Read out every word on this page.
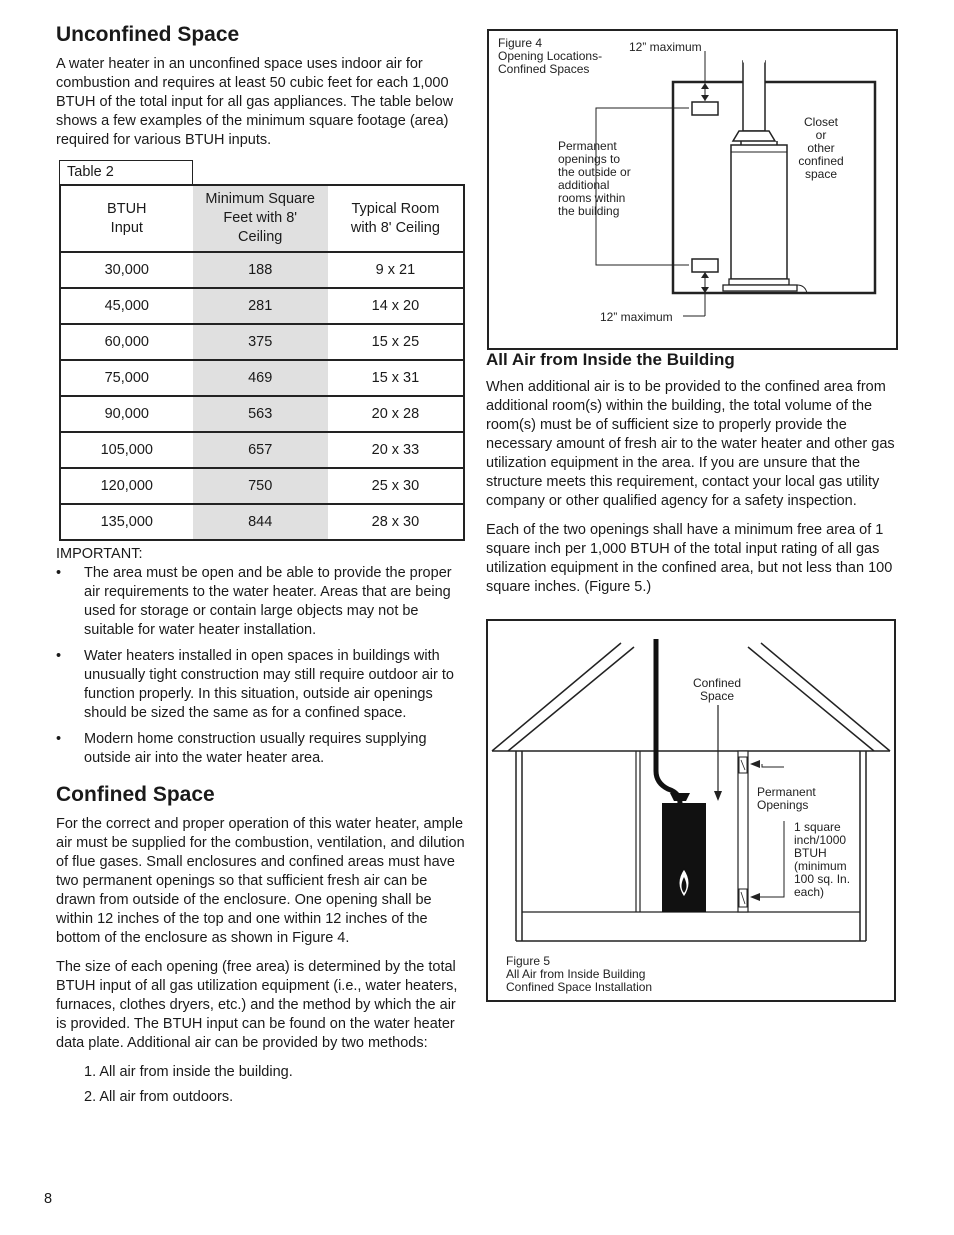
Unconfined Space

A water heater in an unconfined space uses indoor air for combustion and requires at least 50 cubic feet for each 1,000 BTUH of the total input for all gas appliances. The table below shows a few examples of the minimum square footage (area) required for various BTUH inputs.

Table 2
BTUH Input	Minimum Square Feet with 8' Ceiling	Typical Room with 8' Ceiling
30,000	188	9 x 21
45,000	281	14 x 20
60,000	375	15 x 25
75,000	469	15 x 31
90,000	563	20 x 28
105,000	657	20 x 33
120,000	750	25 x 30
135,000	844	28 x 30
IMPORTANT:
• The area must be open and be able to provide the proper air requirements to the water heater. Areas that are being used for storage or contain large objects may not be suitable for water heater installation.
• Water heaters installed in open spaces in buildings with unusually tight construction may still require outdoor air to function properly. In this situation, outside air openings should be sized the same as for a confined space.
• Modern home construction usually requires supplying outside air into the water heater area.
Confined Space

For the correct and proper operation of this water heater, ample air must be supplied for the combustion, ventilation, and dilution of flue gases. Small enclosures and confined areas must have two permanent openings so that sufficient fresh air can be drawn from outside of the enclosure. One opening shall be within 12 inches of the top and one within 12 inches of the bottom of the enclosure as shown in Figure 4.

The size of each opening (free area) is determined by the total BTUH input of all gas utilization equipment (i.e., water heaters, furnaces, clothes dryers, etc.) and the method by which the air is provided. The BTUH input can be found on the water heater data plate. Additional air can be provided by two methods:

1. All air from inside the building.
2. All air from outdoors.
Figure 4
Opening Locations-
Confined Spaces
12” maximum
12” maximum
Permanent
openings to
the outside or
additional
rooms within
the building
Closet
or
other
confined
space
All Air from Inside the Building

When additional air is to be provided to the confined area from additional room(s) within the building, the total volume of the room(s) must be of sufficient size to properly provide the necessary amount of fresh air to the water heater and other gas utilization equipment in the area. If you are unsure that the structure meets this requirement, contact your local gas utility company or other qualified agency for a safety inspection.

Each of the two openings shall have a minimum free area of 1 square inch per 1,000 BTUH of the total input rating of all gas utilization equipment in the confined area, but not less than 100 square inches. (Figure 5.)

Confined
Space
Permanent
Openings
1 square
inch/1000
BTUH
(minimum
100 sq. In.
each)
Figure 5
All Air from Inside Building
Confined Space Installation
8
